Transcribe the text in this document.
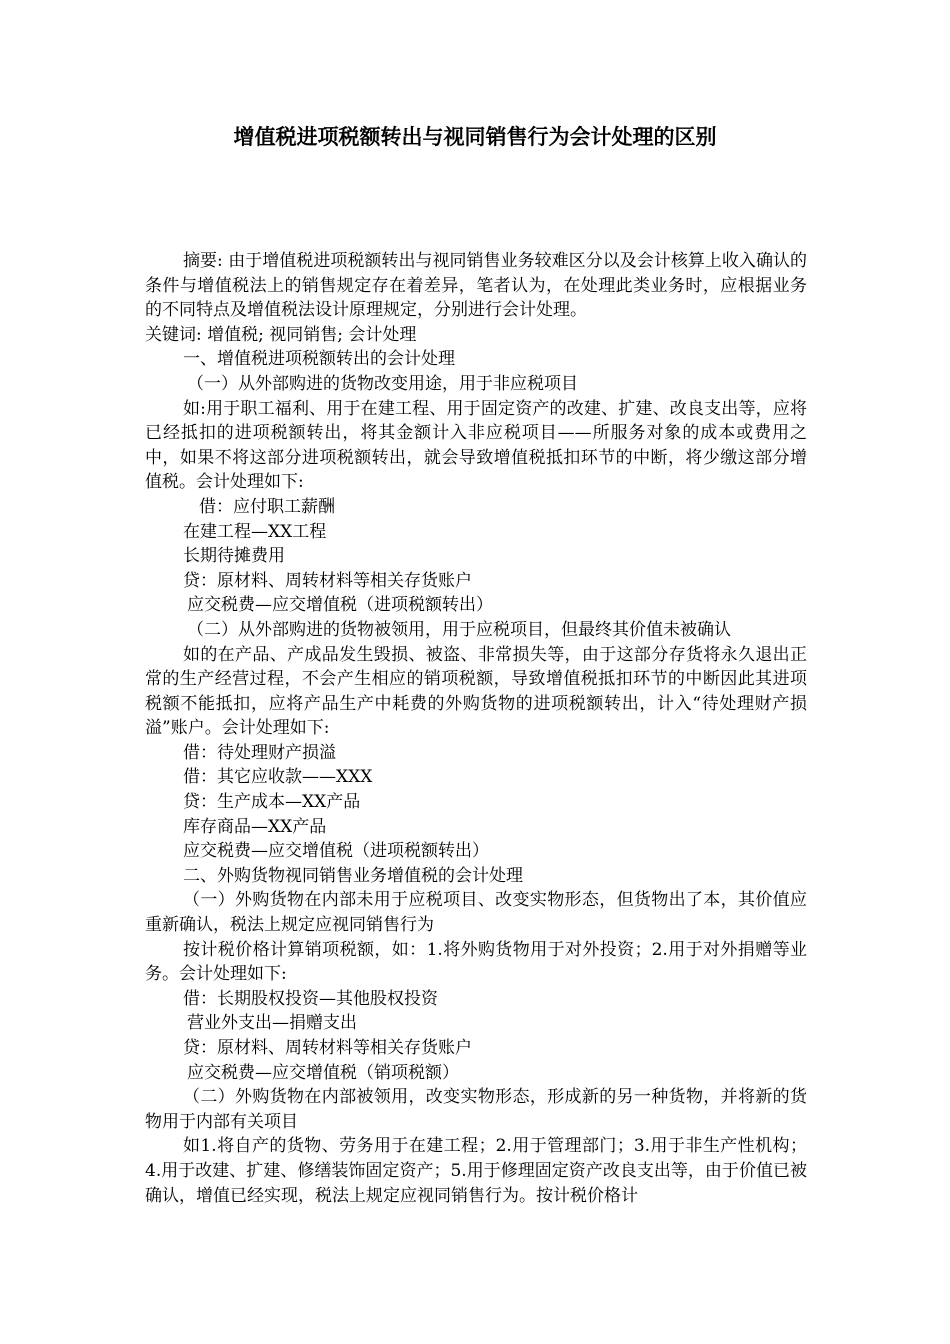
增值税进项税额转出与视同销售行为会计处理的区别

摘要: 由于增值税进项税额转出与视同销售业务较难区分以及会计核算上收入确认的条件与增值税法上的销售规定存在着差异，笔者认为，在处理此类业务时，应根据业务的不同特点及增值税法设计原理规定，分别进行会计处理。

关键词: 增值税; 视同销售; 会计处理

一、增值税进项税额转出的会计处理

（一）从外部购进的货物改变用途，用于非应税项目

如:用于职工福利、用于在建工程、用于固定资产的改建、扩建、改良支出等，应将已经抵扣的进项税额转出，将其金额计入非应税项目——所服务对象的成本或费用之中，如果不将这部分进项税额转出，就会导致增值税抵扣环节的中断，将少缴这部分增值税。会计处理如下:

借：应付职工薪酬

在建工程—XX工程

长期待摊费用

贷：原材料、周转材料等相关存货账户

应交税费—应交增值税（进项税额转出）

（二）从外部购进的货物被领用，用于应税项目，但最终其价值未被确认

如的在产品、产成品发生毁损、被盗、非常损失等，由于这部分存货将永久退出正常的生产经营过程，不会产生相应的销项税额，导致增值税抵扣环节的中断因此其进项税额不能抵扣，应将产品生产中耗费的外购货物的进项税额转出，计入“待处理财产损溢”账户。会计处理如下:

借：待处理财产损溢

借：其它应收款——XXX

贷：生产成本—XX产品

库存商品—XX产品

应交税费—应交增值税（进项税额转出）

二、外购货物视同销售业务增值税的会计处理

（一）外购货物在内部未用于应税项目、改变实物形态，但货物出了本，其价值应重新确认，税法上规定应视同销售行为

按计税价格计算销项税额，如：1.将外购货物用于对外投资；2.用于对外捐赠等业务。会计处理如下:

借：长期股权投资—其他股权投资

营业外支出—捐赠支出

贷：原材料、周转材料等相关存货账户

应交税费—应交增值税（销项税额）

（二）外购货物在内部被领用，改变实物形态，形成新的另一种货物，并将新的货物用于内部有关项目

如1.将自产的货物、劳务用于在建工程；2.用于管理部门；3.用于非生产性机构；4.用于改建、扩建、修缮装饰固定资产；5.用于修理固定资产改良支出等，由于价值已被确认，增值已经实现，税法上规定应视同销售行为。按计税价格计
